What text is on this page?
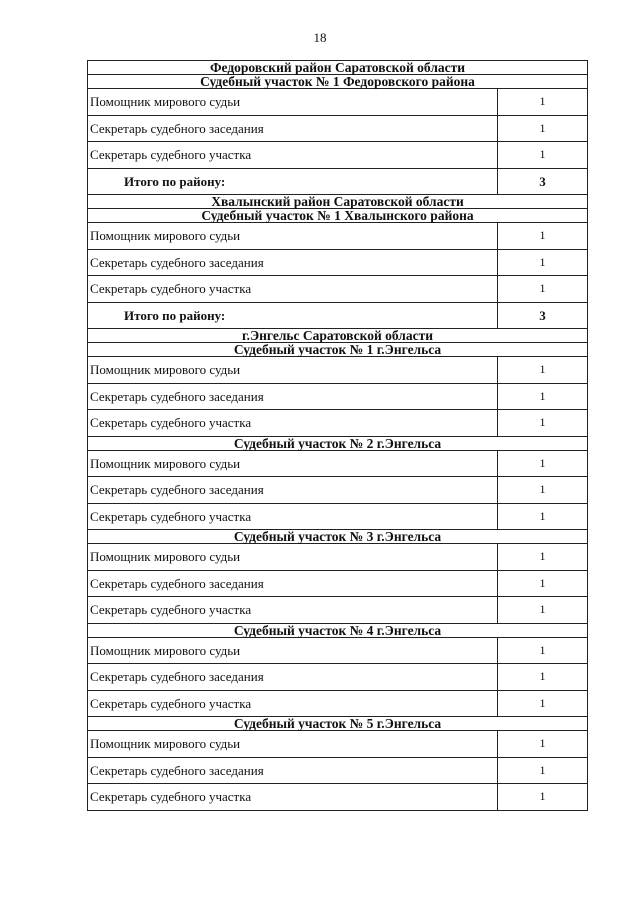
18
Федоровский район Саратовской области	
Судебный участок № 1 Федоровского района	
Помощник мирового судьи	1
Секретарь судебного заседания	1
Секретарь судебного участка	1
Итого по району:	3
Хвалынский район Саратовской области	
Судебный участок № 1 Хвалынского района	
Помощник мирового судьи	1
Секретарь судебного заседания	1
Секретарь судебного участка	1
Итого по району:	3
г.Энгельс Саратовской области	
Судебный участок № 1 г.Энгельса	
Помощник мирового судьи	1
Секретарь судебного заседания	1
Секретарь судебного участка	1
Судебный участок № 2 г.Энгельса	
Помощник мирового судьи	1
Секретарь судебного заседания	1
Секретарь судебного участка	1
Судебный участок № 3 г.Энгельса	
Помощник мирового судьи	1
Секретарь судебного заседания	1
Секретарь судебного участка	1
Судебный участок № 4 г.Энгельса	
Помощник мирового судьи	1
Секретарь судебного заседания	1
Секретарь судебного участка	1
Судебный участок № 5 г.Энгельса	
Помощник мирового судьи	1
Секретарь судебного заседания	1
Секретарь судебного участка	1
